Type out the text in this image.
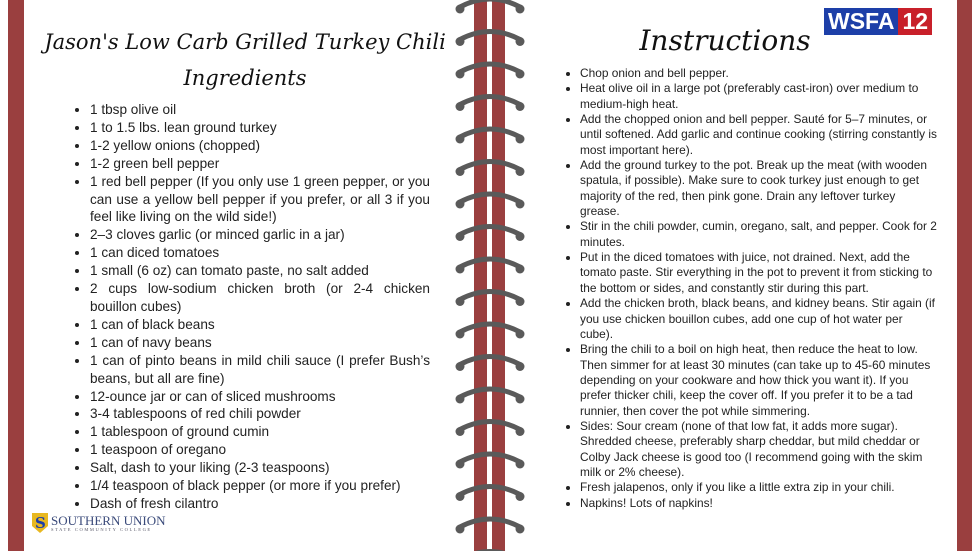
Jason's Low Carb Grilled Turkey Chili
Ingredients
• 1 tbsp olive oil
• 1 to 1.5 lbs. lean ground turkey
• 1-2 yellow onions (chopped)
• 1-2 green bell pepper
• 1 red bell pepper (If you only use 1 green pepper, or you can use a yellow bell pepper if you prefer, or all 3 if you feel like living on the wild side!)
• 2–3 cloves garlic (or minced garlic in a jar)
• 1 can diced tomatoes
• 1 small (6 oz) can tomato paste, no salt added
• 2 cups low-sodium chicken broth (or 2-4 chicken bouillon cubes)
• 1 can of black beans
• 1 can of navy beans
• 1 can of pinto beans in mild chili sauce (I prefer Bush’s beans, but all are fine)
• 12-ounce jar or can of sliced mushrooms
• 3-4 tablespoons of red chili powder
• 1 tablespoon of ground cumin
• 1 teaspoon of oregano
• Salt, dash to your liking (2-3 teaspoons)
• 1/4 teaspoon of black pepper (or more if you prefer)
• Dash of fresh cilantro
Instructions
• Chop onion and bell pepper.
• Heat olive oil in a large pot (preferably cast-iron) over medium to medium-high heat.
• Add the chopped onion and bell pepper. Sauté for 5–7 minutes, or until softened. Add garlic and continue cooking (stirring constantly is most important here).
• Add the ground turkey to the pot. Break up the meat (with wooden spatula, if possible). Make sure to cook turkey just enough to get majority of the red, then pink gone. Drain any leftover turkey grease.
• Stir in the chili powder, cumin, oregano, salt, and pepper. Cook for 2 minutes.
• Put in the diced tomatoes with juice, not drained. Next, add the tomato paste. Stir everything in the pot to prevent it from sticking to the bottom or sides, and constantly stir during this part.
• Add the chicken broth, black beans, and kidney beans. Stir again (if you use chicken bouillon cubes, add one cup of hot water per cube).
• Bring the chili to a boil on high heat, then reduce the heat to low. Then simmer for at least 30 minutes (can take up to 45-60 minutes depending on your cookware and how thick you want it). If you prefer thicker chili, keep the cover off. If you prefer it to be a tad runnier, then cover the pot while simmering.
• Sides: Sour cream (none of that low fat, it adds more sugar). Shredded cheese, preferably sharp cheddar, but mild cheddar or Colby Jack cheese is good too (I recommend going with the skim milk or 2% cheese).
• Fresh jalapenos, only if you like a little extra zip in your chili.
• Napkins! Lots of napkins!
WSFA 12
S SOUTHERN UNION
STATE COMMUNITY COLLEGE
